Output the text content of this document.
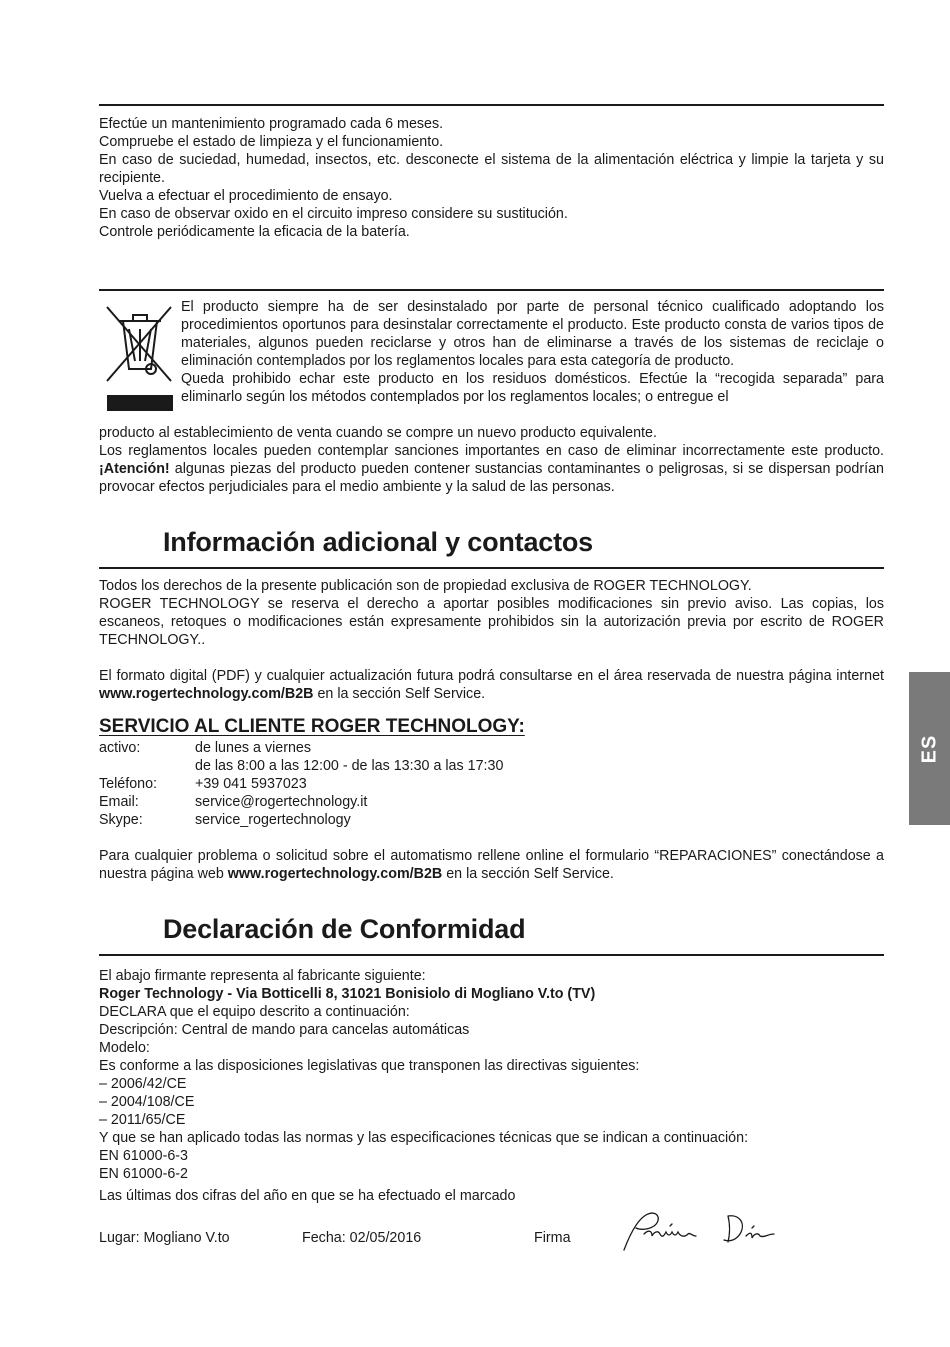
Efectúe un mantenimiento programado cada 6 meses.

Compruebe el estado de limpieza y el funcionamiento.

En caso de suciedad, humedad, insectos, etc. desconecte el sistema de la alimentación eléctrica y limpie la tarjeta y su recipiente.

Vuelva a efectuar el procedimiento de ensayo.

En caso de observar oxido en el circuito impreso considere su sustitución.

Controle periódicamente la eficacia de la batería.

El producto siempre ha de ser desinstalado por parte de personal técnico cualificado adoptando los procedimientos oportunos para desinstalar correctamente el producto. Este producto consta de varios tipos de materiales, algunos pueden reciclarse y otros han de eliminarse a través de los sistemas de reciclaje o eliminación contemplados por los reglamentos locales para esta categoría de producto.

Queda prohibido echar este producto en los residuos domésticos. Efectúe la “recogida separada” para eliminarlo según los métodos contemplados por los reglamentos locales; o entregue el

producto al establecimiento de venta cuando se compre un nuevo producto equivalente.

Los reglamentos locales pueden contemplar sanciones importantes en caso de eliminar incorrectamente este producto. ¡Atención! algunas piezas del producto pueden contener sustancias contaminantes o peligrosas, si se dispersan podrían provocar efectos perjudiciales para el medio ambiente y la salud de las personas.

Información adicional y contactos

Todos los derechos de la presente publicación son de propiedad exclusiva de ROGER TECHNOLOGY.

ROGER TECHNOLOGY se reserva el derecho a aportar posibles modificaciones sin previo aviso. Las copias, los escaneos, retoques o modificaciones están expresamente prohibidos sin la autorización previa por escrito de ROGER TECHNOLOGY..

El formato digital (PDF) y cualquier actualización futura podrá consultarse en el área reservada de nuestra página internet www.rogertechnology.com/B2B en la sección Self Service.

SERVICIO AL CLIENTE ROGER TECHNOLOGY:
activo:	de lunes a viernes
de las 8:00 a las 12:00 - de las 13:30 a las 17:30
Teléfono:	+39 041 5937023
Email:	service@rogertechnology.it
Skype:	service_rogertechnology

Para cualquier problema o solicitud sobre el automatismo rellene online el formulario “REPARACIONES” conectándose a nuestra página web www.rogertechnology.com/B2B en la sección Self Service.

Declaración de Conformidad

El abajo firmante representa al fabricante siguiente:

Roger Technology - Via Botticelli 8, 31021 Bonisiolo di Mogliano V.to (TV)

DECLARA que el equipo descrito a continuación:

Descripción: Central de mando para cancelas automáticas

Modelo:

Es conforme a las disposiciones legislativas que transponen las directivas siguientes:

– 2006/42/CE

– 2004/108/CE

– 2011/65/CE

Y que se han aplicado todas las normas y las especificaciones técnicas que se indican a continuación:

EN 61000-6-3

EN 61000-6-2

Las últimas dos cifras del año en que se ha efectuado el marcado

Lugar: Mogliano V.to	Fecha: 02/05/2016	Firma
ES
